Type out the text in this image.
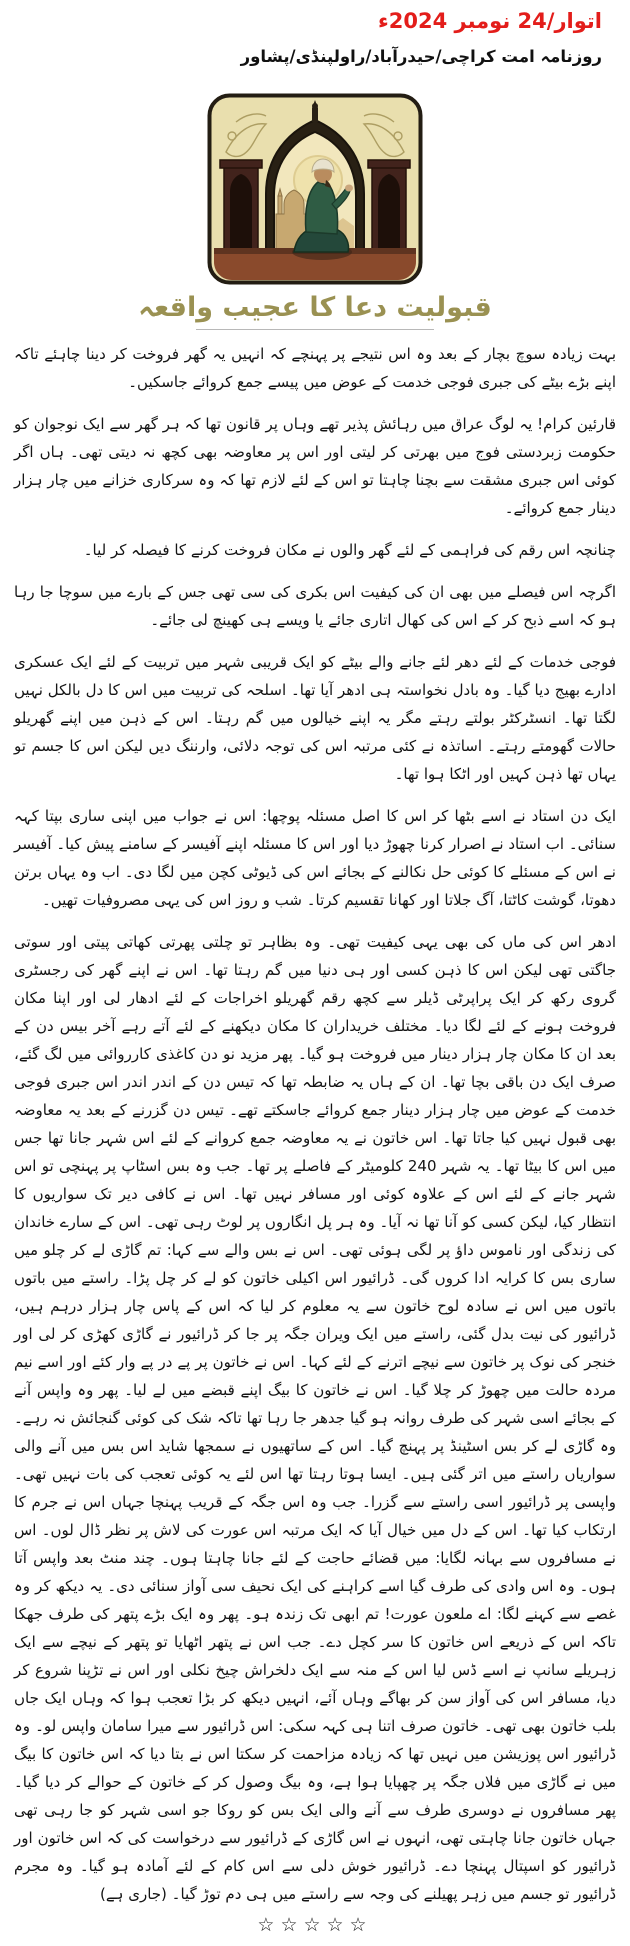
اتوار/24 نومبر 2024ء
روزنامہ امت کراچی/حیدرآباد/راولپنڈی/پشاور
قبولیت دعا کا عجیب واقعہ

بہت زیادہ سوچ بچار کے بعد وہ اس نتیجے پر پہنچے کہ انہیں یہ گھر فروخت کر دینا چاہئے تاکہ اپنے بڑے بیٹے کی جبری فوجی خدمت کے عوض میں پیسے جمع کروائے جاسکیں۔

قارئین کرام! یہ لوگ عراق میں رہائش پذیر تھے وہاں پر قانون تھا کہ ہر گھر سے ایک نوجوان کو حکومت زبردستی فوج میں بھرتی کر لیتی اور اس پر معاوضہ بھی کچھ نہ دیتی تھی۔ ہاں اگر کوئی اس جبری مشقت سے بچنا چاہتا تو اس کے لئے لازم تھا کہ وہ سرکاری خزانے میں چار ہزار دینار جمع کروائے۔

چنانچہ اس رقم کی فراہمی کے لئے گھر والوں نے مکان فروخت کرنے کا فیصلہ کر لیا۔

اگرچہ اس فیصلے میں بھی ان کی کیفیت اس بکری کی سی تھی جس کے بارے میں سوچا جا رہا ہو کہ اسے ذبح کر کے اس کی کھال اتاری جائے یا ویسے ہی کھینچ لی جائے۔

فوجی خدمات کے لئے دھر لئے جانے والے بیٹے کو ایک قریبی شہر میں تربیت کے لئے ایک عسکری ادارے بھیج دیا گیا۔ وہ بادل نخواستہ ہی ادھر آیا تھا۔ اسلحہ کی تربیت میں اس کا دل بالکل نہیں لگتا تھا۔ انسٹرکٹر بولتے رہتے مگر یہ اپنے خیالوں میں گم رہتا۔ اس کے ذہن میں اپنے گھریلو حالات گھومتے رہتے۔ اساتذہ نے کئی مرتبہ اس کی توجہ دلائی، وارننگ دیں لیکن اس کا جسم تو یہاں تھا ذہن کہیں اور اٹکا ہوا تھا۔

ایک دن استاد نے اسے بٹھا کر اس کا اصل مسئلہ پوچھا: اس نے جواب میں اپنی ساری بپتا کہہ سنائی۔ اب استاد نے اصرار کرنا چھوڑ دیا اور اس کا مسئلہ اپنے آفیسر کے سامنے پیش کیا۔ آفیسر نے اس کے مسئلے کا کوئی حل نکالنے کے بجائے اس کی ڈیوٹی کچن میں لگا دی۔ اب وہ یہاں برتن دھوتا، گوشت کاٹتا، آگ جلاتا اور کھانا تقسیم کرتا۔ شب و روز اس کی یہی مصروفیات تھیں۔

ادھر اس کی ماں کی بھی یہی کیفیت تھی۔ وہ بظاہر تو چلتی پھرتی کھاتی پیتی اور سوتی جاگتی تھی لیکن اس کا ذہن کسی اور ہی دنیا میں گم رہتا تھا۔ اس نے اپنے گھر کی رجسٹری گروی رکھ کر ایک پراپرٹی ڈیلر سے کچھ رقم گھریلو اخراجات کے لئے ادھار لی اور اپنا مکان فروخت ہونے کے لئے لگا دیا۔ مختلف خریداران کا مکان دیکھنے کے لئے آتے رہے آخر بیس دن کے بعد ان کا مکان چار ہزار دینار میں فروخت ہو گیا۔ پھر مزید نو دن کاغذی کارروائی میں لگ گئے، صرف ایک دن باقی بچا تھا۔ ان کے ہاں یہ ضابطہ تھا کہ تیس دن کے اندر اندر اس جبری فوجی خدمت کے عوض میں چار ہزار دینار جمع کروائے جاسکتے تھے۔ تیس دن گزرنے کے بعد یہ معاوضہ بھی قبول نہیں کیا جاتا تھا۔ اس خاتون نے یہ معاوضہ جمع کروانے کے لئے اس شہر جانا تھا جس میں اس کا بیٹا تھا۔ یہ شہر 240 کلومیٹر کے فاصلے پر تھا۔ جب وہ بس اسٹاپ پر پہنچی تو اس شہر جانے کے لئے اس کے علاوہ کوئی اور مسافر نہیں تھا۔ اس نے کافی دیر تک سواریوں کا انتظار کیا، لیکن کسی کو آنا تھا نہ آیا۔ وہ ہر پل انگاروں پر لوٹ رہی تھی۔ اس کے سارے خاندان کی زندگی اور ناموس داؤ پر لگی ہوئی تھی۔ اس نے بس والے سے کہا: تم گاڑی لے کر چلو میں ساری بس کا کرایہ ادا کروں گی۔ ڈرائیور اس اکیلی خاتون کو لے کر چل پڑا۔ راستے میں باتوں باتوں میں اس نے سادہ لوح خاتون سے یہ معلوم کر لیا کہ اس کے پاس چار ہزار درہم ہیں، ڈرائیور کی نیت بدل گئی، راستے میں ایک ویران جگہ پر جا کر ڈرائیور نے گاڑی کھڑی کر لی اور خنجر کی نوک پر خاتون سے نیچے اترنے کے لئے کہا۔ اس نے خاتون پر پے در پے وار کئے اور اسے نیم مردہ حالت میں چھوڑ کر چلا گیا۔ اس نے خاتون کا بیگ اپنے قبضے میں لے لیا۔ پھر وہ واپس آنے کے بجائے اسی شہر کی طرف روانہ ہو گیا جدھر جا رہا تھا تاکہ شک کی کوئی گنجائش نہ رہے۔ وہ گاڑی لے کر بس اسٹینڈ پر پہنچ گیا۔ اس کے ساتھیوں نے سمجھا شاید اس بس میں آنے والی سواریاں راستے میں اتر گئی ہیں۔ ایسا ہوتا رہتا تھا اس لئے یہ کوئی تعجب کی بات نہیں تھی۔ واپسی پر ڈرائیور اسی راستے سے گزرا۔ جب وہ اس جگہ کے قریب پہنچا جہاں اس نے جرم کا ارتکاب کیا تھا۔ اس کے دل میں خیال آیا کہ ایک مرتبہ اس عورت کی لاش پر نظر ڈال لوں۔ اس نے مسافروں سے بہانہ لگایا: میں قضائے حاجت کے لئے جانا چاہتا ہوں۔ چند منٹ بعد واپس آتا ہوں۔ وہ اس وادی کی طرف گیا اسے کراہنے کی ایک نحیف سی آواز سنائی دی۔ یہ دیکھ کر وہ غصے سے کہنے لگا: اے ملعون عورت! تم ابھی تک زندہ ہو۔ پھر وہ ایک بڑے پتھر کی طرف جھکا تاکہ اس کے ذریعے اس خاتون کا سر کچل دے۔ جب اس نے پتھر اٹھایا تو پتھر کے نیچے سے ایک زہریلے سانپ نے اسے ڈس لیا اس کے منہ سے ایک دلخراش چیخ نکلی اور اس نے تڑپنا شروع کر دیا، مسافر اس کی آواز سن کر بھاگے وہاں آئے، انہیں دیکھ کر بڑا تعجب ہوا کہ وہاں ایک جاں بلب خاتون بھی تھی۔ خاتون صرف اتنا ہی کہہ سکی: اس ڈرائیور سے میرا سامان واپس لو۔ وہ ڈرائیور اس پوزیشن میں نہیں تھا کہ زیادہ مزاحمت کر سکتا اس نے بتا دیا کہ اس خاتون کا بیگ میں نے گاڑی میں فلاں جگہ پر چھپایا ہوا ہے، وہ بیگ وصول کر کے خاتون کے حوالے کر دیا گیا۔ پھر مسافروں نے دوسری طرف سے آنے والی ایک بس کو روکا جو اسی شہر کو جا رہی تھی جہاں خاتون جانا چاہتی تھی، انہوں نے اس گاڑی کے ڈرائیور سے درخواست کی کہ اس خاتون اور ڈرائیور کو اسپتال پہنچا دے۔ ڈرائیور خوش دلی سے اس کام کے لئے آمادہ ہو گیا۔ وہ مجرم ڈرائیور تو جسم میں زہر پھیلنے کی وجہ سے راستے میں ہی دم توڑ گیا۔ (جاری ہے)

☆☆☆☆☆
